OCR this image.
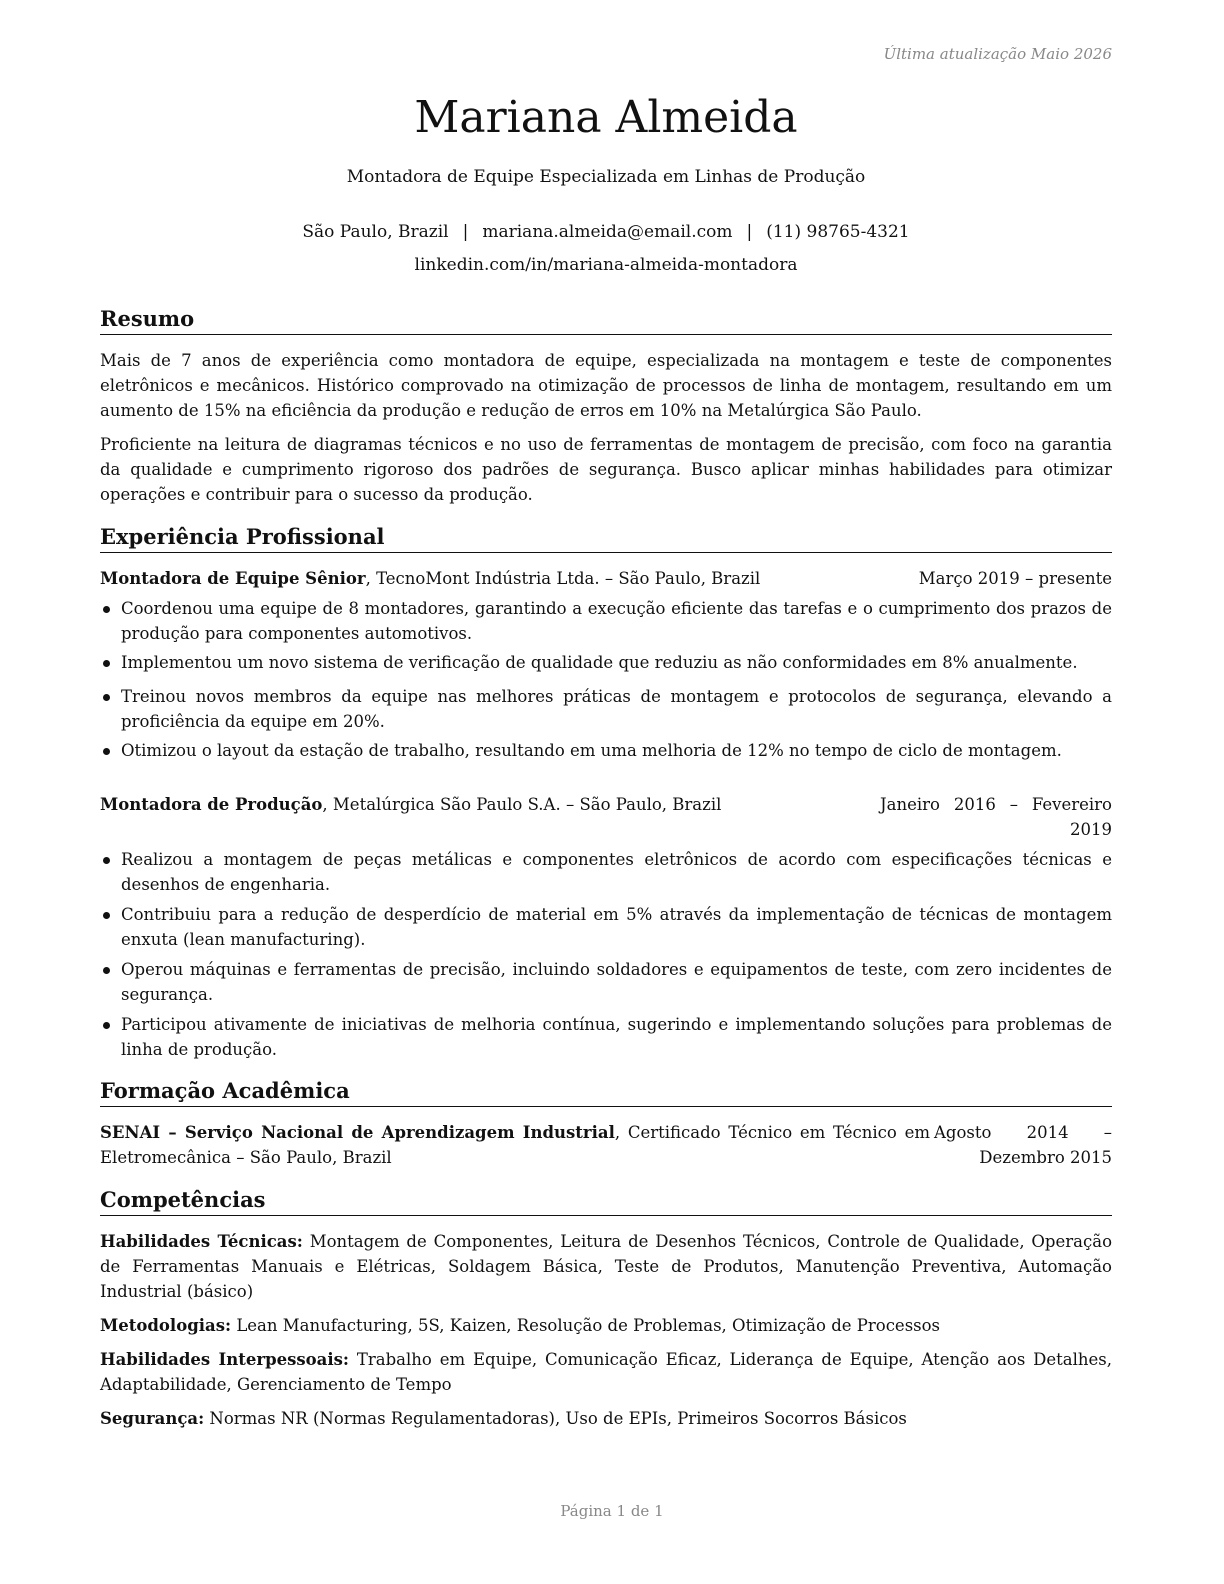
Última atualização Maio 2026
Mariana Almeida
Montadora de Equipe Especializada em Linhas de Produção
São Paulo, Brazil | mariana.almeida@email.com | (11) 98765-4321
linkedin.com/in/mariana-almeida-montadora
Resumo

Mais de 7 anos de experiência como montadora de equipe, especializada na montagem e teste de componentes eletrônicos e mecânicos. Histórico comprovado na otimização de processos de linha de montagem, resultando em um aumento de 15% na eficiência da produção e redução de erros em 10% na Metalúrgica São Paulo.

Proficiente na leitura de diagramas técnicos e no uso de ferramentas de montagem de precisão, com foco na garantia da qualidade e cumprimento rigoroso dos padrões de segurança. Busco aplicar minhas habilidades para otimizar operações e contribuir para o sucesso da produção.

Experiência Profissional
Montadora de Equipe Sênior, TecnoMont Indústria Ltda. – São Paulo, Brazil	Março 2019 – presente
Coordenou uma equipe de 8 montadores, garantindo a execução eficiente das tarefas e o cumprimento dos prazos de produção para componentes automotivos.
Implementou um novo sistema de verificação de qualidade que reduziu as não conformidades em 8% anualmente.
Treinou novos membros da equipe nas melhores práticas de montagem e protocolos de segurança, elevando a proficiência da equipe em 20%.
Otimizou o layout da estação de trabalho, resultando em uma melhoria de 12% no tempo de ciclo de montagem.
Montadora de Produção, Metalúrgica São Paulo S.A. – São Paulo, Brazil	Janeiro 2016 – Fevereiro 2019
Realizou a montagem de peças metálicas e componentes eletrônicos de acordo com especificações técnicas e desenhos de engenharia.
Contribuiu para a redução de desperdício de material em 5% através da implementação de técnicas de montagem enxuta (lean manufacturing).
Operou máquinas e ferramentas de precisão, incluindo soldadores e equipamentos de teste, com zero incidentes de segurança.
Participou ativamente de iniciativas de melhoria contínua, sugerindo e implementando soluções para problemas de linha de produção.
Formação Acadêmica
SENAI – Serviço Nacional de Aprendizagem Industrial, Certificado Técnico em Técnico em Eletromecânica – São Paulo, Brazil
Agosto 2014 – Dezembro 2015
Competências

Habilidades Técnicas: Montagem de Componentes, Leitura de Desenhos Técnicos, Controle de Qualidade, Operação de Ferramentas Manuais e Elétricas, Soldagem Básica, Teste de Produtos, Manutenção Preventiva, Automação Industrial (básico)

Metodologias: Lean Manufacturing, 5S, Kaizen, Resolução de Problemas, Otimização de Processos

Habilidades Interpessoais: Trabalho em Equipe, Comunicação Eficaz, Liderança de Equipe, Atenção aos Detalhes, Adaptabilidade, Gerenciamento de Tempo

Segurança: Normas NR (Normas Regulamentadoras), Uso de EPIs, Primeiros Socorros Básicos

Página 1 de 1
